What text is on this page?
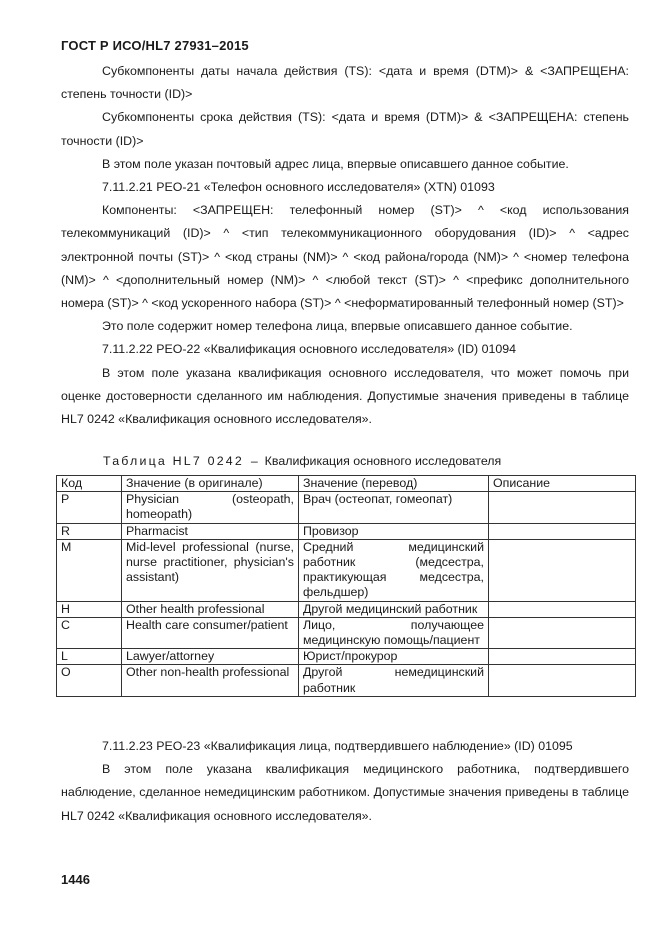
ГОСТ Р ИСО/HL7 27931–2015

Субкомпоненты даты начала действия (TS): <дата и время (DTM)> & <ЗАПРЕЩЕНА: степень точности (ID)>

Субкомпоненты срока действия (TS): <дата и время (DTM)> & <ЗАПРЕЩЕНА: степень точности (ID)>

В этом поле указан почтовый адрес лица, впервые описавшего данное событие.

7.11.2.21 PEO-21 «Телефон основного исследователя» (XTN) 01093

Компоненты: <ЗАПРЕЩЕН: телефонный номер (ST)> ^ <код использования телекоммуникаций (ID)> ^ <тип телекоммуникационного оборудования (ID)> ^ <адрес электронной почты (ST)> ^ <код страны (NM)> ^ <код района/города (NM)> ^ <номер телефона (NM)> ^ <дополнительный номер (NM)> ^ <любой текст (ST)> ^ <префикс дополнительного номера (ST)> ^ <код ускоренного набора (ST)> ^ <неформатированный телефонный номер (ST)>

Это поле содержит номер телефона лица, впервые описавшего данное событие.

7.11.2.22 PEO-22 «Квалификация основного исследователя» (ID) 01094

В этом поле указана квалификация основного исследователя, что может помочь при оценке достоверности сделанного им наблюдения. Допустимые значения приведены в таблице HL7 0242 «Квалификация основного исследователя».

Таблица HL7 0242 – Квалификация основного исследователя
Код	Значение (в оригинале)	Значение (перевод)	Описание
P	Physician (osteopath, homeopath)	Врач (остеопат, гомеопат)	
R	Pharmacist	Провизор	
M	Mid-level professional (nurse, nurse practitioner, physician's assistant)	Средний медицинский работник (медсестра, практикующая медсестра, фельдшер)	
H	Other health professional	Другой медицинский работник	
C	Health care consumer/patient	Лицо, получающее медицинскую помощь/пациент	
L	Lawyer/attorney	Юрист/прокурор	
O	Other non-health professional	Другой немедицинский работник	

7.11.2.23 PEO-23 «Квалификация лица, подтвердившего наблюдение» (ID) 01095

В этом поле указана квалификация медицинского работника, подтвердившего наблюдение, сделанное немедицинским работником. Допустимые значения приведены в таблице HL7 0242 «Квалификация основного исследователя».

1446
